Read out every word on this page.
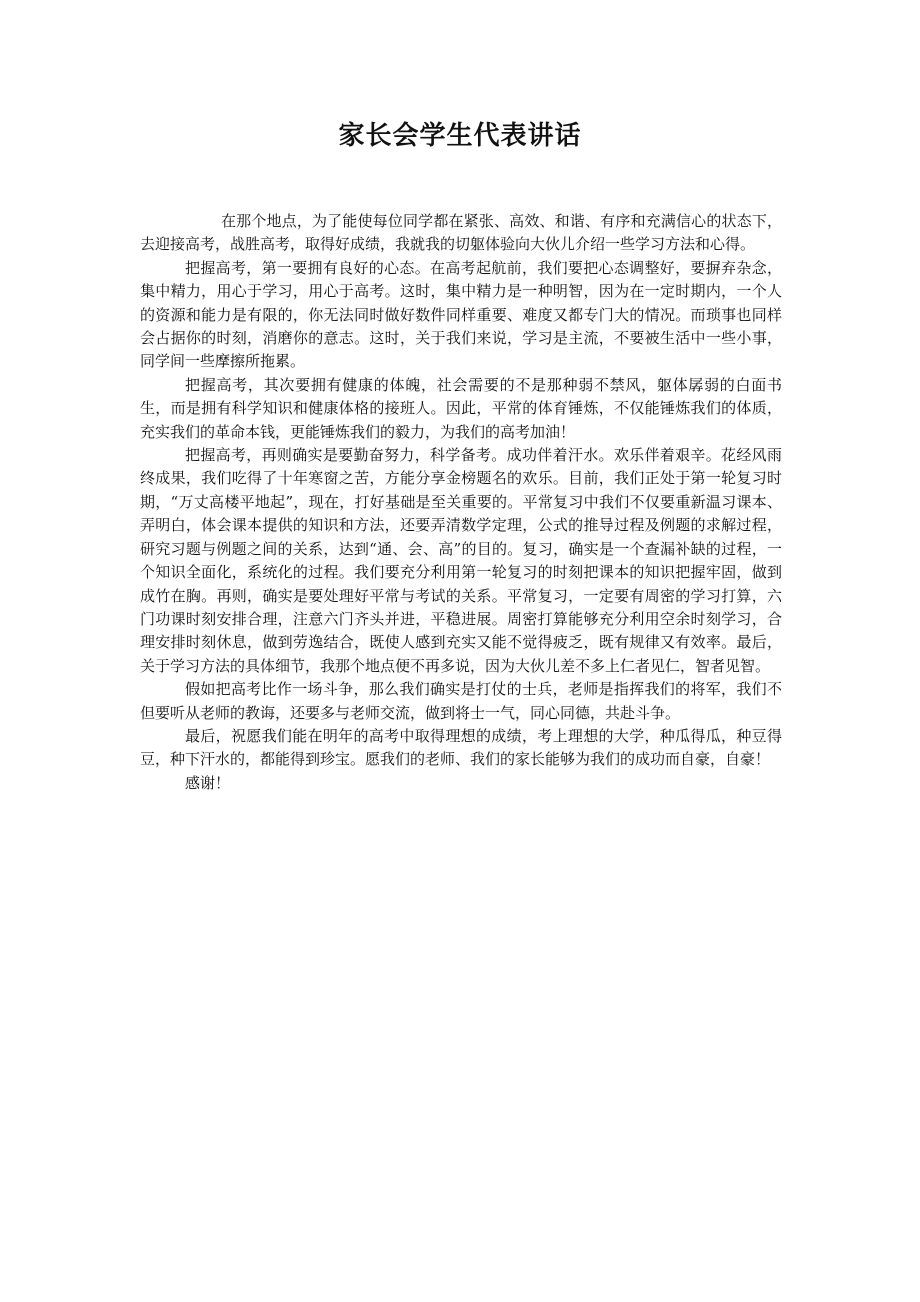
家长会学生代表讲话

在那个地点，为了能使每位同学都在紧张、高效、和谐、有序和充满信心的状态下，去迎接高考，战胜高考，取得好成绩，我就我的切躯体验向大伙儿介绍一些学习方法和心得。

把握高考，第一要拥有良好的心态。在高考起航前，我们要把心态调整好，要摒弃杂念，集中精力，用心于学习，用心于高考。这时，集中精力是一种明智，因为在一定时期内，一个人的资源和能力是有限的，你无法同时做好数件同样重要、难度又都专门大的情况。而琐事也同样会占据你的时刻，消磨你的意志。这时，关于我们来说，学习是主流，不要被生活中一些小事，同学间一些摩擦所拖累。

把握高考，其次要拥有健康的体魄，社会需要的不是那种弱不禁风，躯体孱弱的白面书生，而是拥有科学知识和健康体格的接班人。因此，平常的体育锤炼，不仅能锤炼我们的体质，充实我们的革命本钱，更能锤炼我们的毅力，为我们的高考加油！

把握高考，再则确实是要勤奋努力，科学备考。成功伴着汗水。欢乐伴着艰辛。花经风雨终成果，我们吃得了十年寒窗之苦，方能分享金榜题名的欢乐。目前，我们正处于第一轮复习时期，“万丈高楼平地起”，现在，打好基础是至关重要的。平常复习中我们不仅要重新温习课本、弄明白，体会课本提供的知识和方法，还要弄清数学定理，公式的推导过程及例题的求解过程，研究习题与例题之间的关系，达到“通、会、高”的目的。复习，确实是一个查漏补缺的过程，一个知识全面化，系统化的过程。我们要充分利用第一轮复习的时刻把课本的知识把握牢固，做到成竹在胸。再则，确实是要处理好平常与考试的关系。平常复习，一定要有周密的学习打算，六门功课时刻安排合理，注意六门齐头并进，平稳进展。周密打算能够充分利用空余时刻学习，合理安排时刻休息，做到劳逸结合，既使人感到充实又能不觉得疲乏，既有规律又有效率。最后，关于学习方法的具体细节，我那个地点便不再多说，因为大伙儿差不多上仁者见仁，智者见智。

假如把高考比作一场斗争，那么我们确实是打仗的士兵，老师是指挥我们的将军，我们不但要听从老师的教诲，还要多与老师交流，做到将士一气，同心同德，共赴斗争。

最后，祝愿我们能在明年的高考中取得理想的成绩，考上理想的大学，种瓜得瓜，种豆得豆，种下汗水的，都能得到珍宝。愿我们的老师、我们的家长能够为我们的成功而自豪，自豪！

感谢！
